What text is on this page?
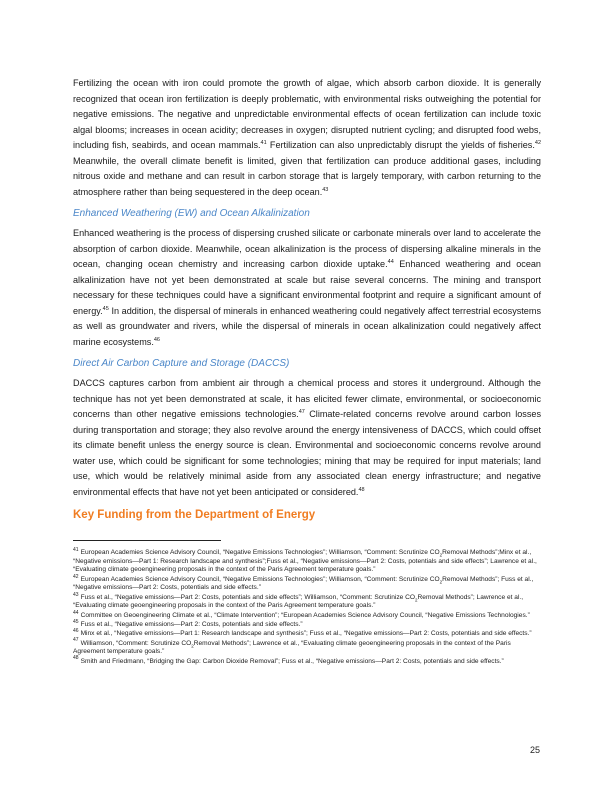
Fertilizing the ocean with iron could promote the growth of algae, which absorb carbon dioxide. It is generally recognized that ocean iron fertilization is deeply problematic, with environmental risks outweighing the potential for negative emissions. The negative and unpredictable environmental effects of ocean fertilization can include toxic algal blooms; increases in ocean acidity; decreases in oxygen; disrupted nutrient cycling; and disrupted food webs, including fish, seabirds, and ocean mammals.$^{41}$ Fertilization can also unpredictably disrupt the yields of fisheries.$^{42}$ Meanwhile, the overall climate benefit is limited, given that fertilization can produce additional gases, including nitrous oxide and methane and can result in carbon storage that is largely temporary, with carbon returning to the atmosphere rather than being sequestered in the deep ocean.$^{43}$

Enhanced Weathering (EW) and Ocean Alkalinization

Enhanced weathering is the process of dispersing crushed silicate or carbonate minerals over land to accelerate the absorption of carbon dioxide. Meanwhile, ocean alkalinization is the process of dispersing alkaline minerals in the ocean, changing ocean chemistry and increasing carbon dioxide uptake.$^{44}$ Enhanced weathering and ocean alkalinization have not yet been demonstrated at scale but raise several concerns. The mining and transport necessary for these techniques could have a significant environmental footprint and require a significant amount of energy.$^{45}$ In addition, the dispersal of minerals in enhanced weathering could negatively affect terrestrial ecosystems as well as groundwater and rivers, while the dispersal of minerals in ocean alkalinization could negatively affect marine ecosystems.$^{46}$

Direct Air Carbon Capture and Storage (DACCS)

DACCS captures carbon from ambient air through a chemical process and stores it underground. Although the technique has not yet been demonstrated at scale, it has elicited fewer climate, environmental, or socioeconomic concerns than other negative emissions technologies.$^{47}$ Climate-related concerns revolve around carbon losses during transportation and storage; they also revolve around the energy intensiveness of DACCS, which could offset its climate benefit unless the energy source is clean. Environmental and socioeconomic concerns revolve around water use, which could be significant for some technologies; mining that may be required for input materials; land use, which would be relatively minimal aside from any associated clean energy infrastructure; and negative environmental effects that have not yet been anticipated or considered.$^{48}$

Key Funding from the Department of Energy
$^{41}$ European Academies Science Advisory Council, “Negative Emissions Technologies”; Williamson, “Comment: Scrutinize $CO_2Removal$ Methods”;Minx et al., “Negative emissions—Part 1: Research landscape and synthesis”;Fuss et al., “Negative emissions—Part 2: Costs, potentials and side effects”; Lawrence et al., “Evaluating climate geoengineering proposals in the context of the Paris Agreement temperature goals.”
$^{42}$ European Academies Science Advisory Council, “Negative Emissions Technologies”; Williamson, “Comment: Scrutinize $CO_2Removal$ Methods”; Fuss et al., “Negative emissions—Part 2: Costs, potentials and side effects.”
$^{43}$ Fuss et al., “Negative emissions—Part 2: Costs, potentials and side effects”; Williamson, “Comment: Scrutinize $CO_2Removal$ Methods”; Lawrence et al., “Evaluating climate geoengineering proposals in the context of the Paris Agreement temperature goals.”
$^{44}$ Committee on Geoengineering Climate et al., “Climate Intervention”; “European Academies Science Advisory Council, “Negative Emissions Technologies.”
$^{45}$ Fuss et al., “Negative emissions—Part 2: Costs, potentials and side effects.”
$^{46}$ Minx et al., “Negative emissions—Part 1: Research landscape and synthesis”; Fuss et al., “Negative emissions—Part 2: Costs, potentials and side effects.”
$^{47}$ Williamson, “Comment: Scrutinize $CO_2Removal$ Methods”; Lawrence et al., “Evaluating climate geoengineering proposals in the context of the Paris Agreement temperature goals.”
$^{48}$ Smith and Friedmann, “Bridging the Gap: Carbon Dioxide Removal”; Fuss et al., “Negative emissions—Part 2: Costs, potentials and side effects.”
25
